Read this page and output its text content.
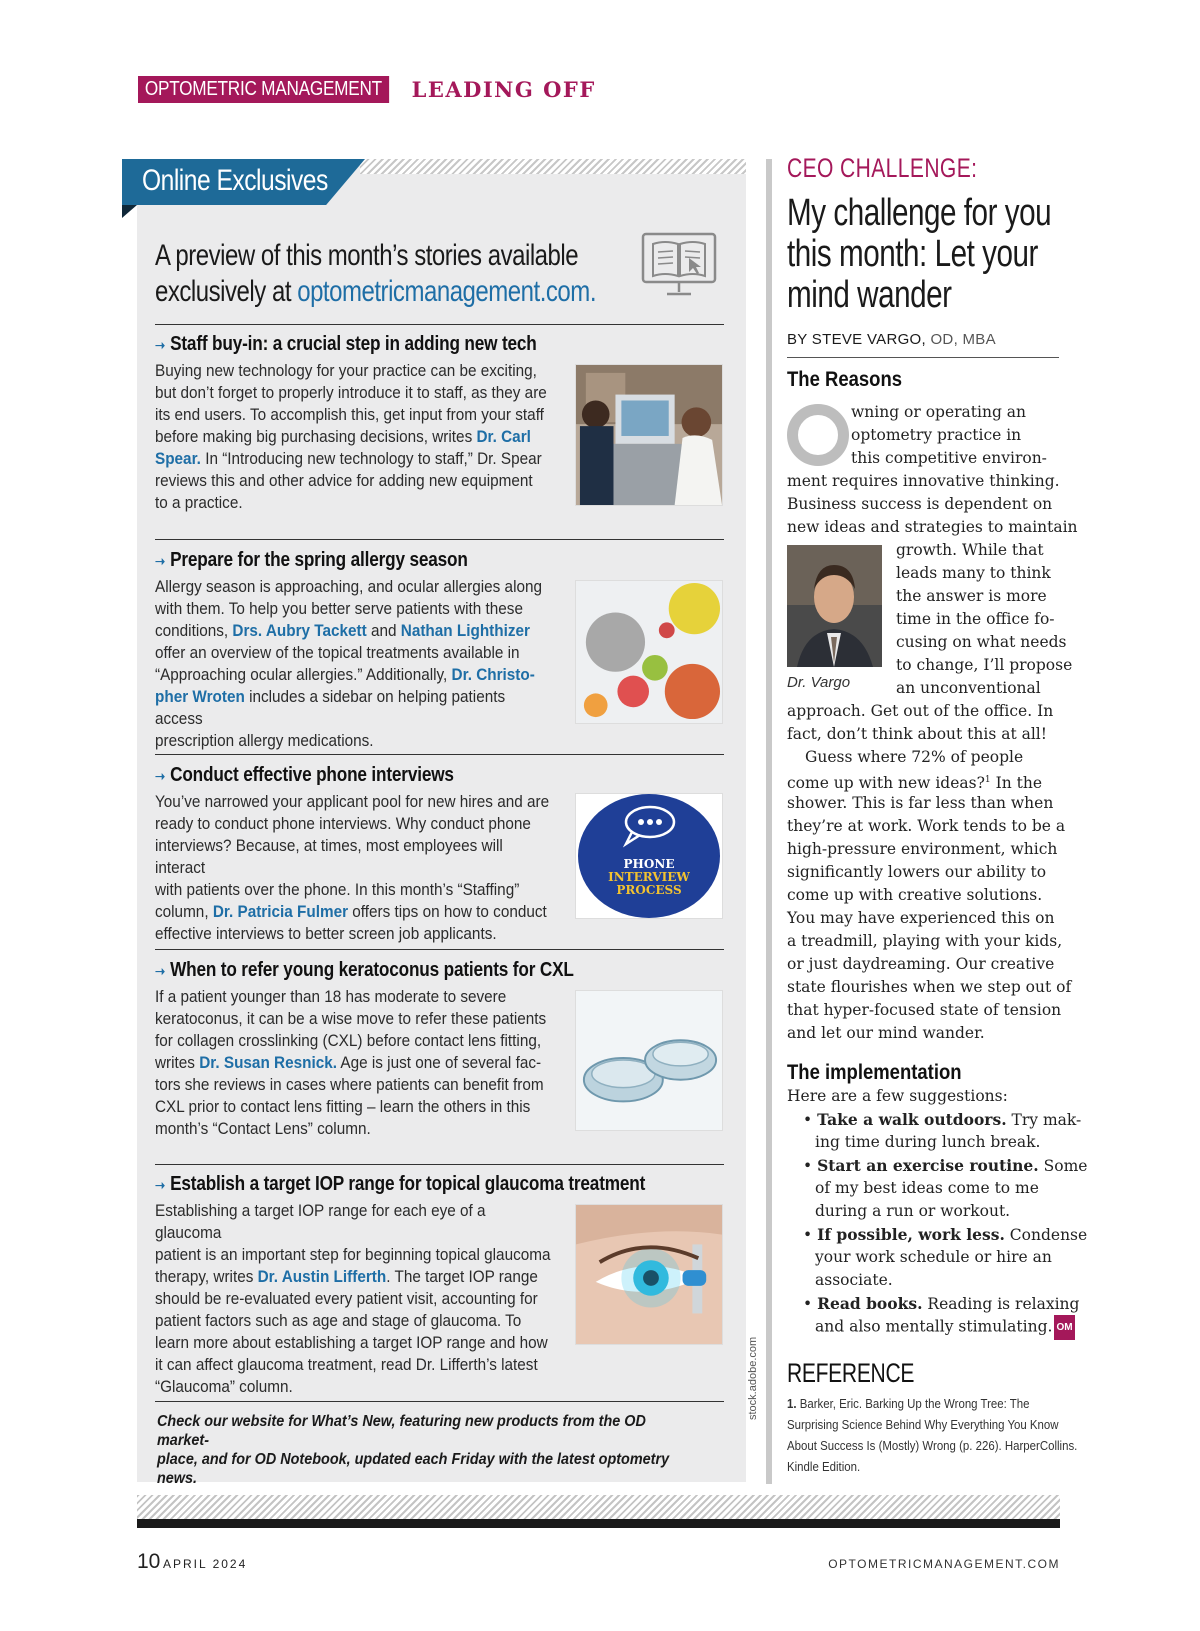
OPTOMETRIC MANAGEMENT	LEADING OFF
Online Exclusives
A preview of this month’s stories available
exclusively at optometricmanagement.com.
➝ Staff buy-in: a crucial step in adding new tech
Buying new technology for your practice can be exciting,
but don’t forget to properly introduce it to staff, as they are
its end users. To accomplish this, get input from your staff
before making big purchasing decisions, writes Dr. Carl
Spear. In “Introducing new technology to staff,” Dr. Spear
reviews this and other advice for adding new equipment
to a practice.
➝ Prepare for the spring allergy season
Allergy season is approaching, and ocular allergies along
with them. To help you better serve patients with these
conditions, Drs. Aubry Tackett and Nathan Lighthizer
offer an overview of the topical treatments available in
“Approaching ocular allergies.” Additionally, Dr. Christo-
pher Wroten includes a sidebar on helping patients access
prescription allergy medications.
➝ Conduct effective phone interviews
You’ve narrowed your applicant pool for new hires and are
ready to conduct phone interviews. Why conduct phone
interviews? Because, at times, most employees will interact
with patients over the phone. In this month’s “Staffing”
column, Dr. Patricia Fulmer offers tips on how to conduct
effective interviews to better screen job applicants.
PHONE
INTERVIEW
PROCESS
➝ When to refer young keratoconus patients for CXL
If a patient younger than 18 has moderate to severe
keratoconus, it can be a wise move to refer these patients
for collagen crosslinking (CXL) before contact lens fitting,
writes Dr. Susan Resnick. Age is just one of several fac-
tors she reviews in cases where patients can benefit from
CXL prior to contact lens fitting – learn the others in this
month’s “Contact Lens” column.
➝ Establish a target IOP range for topical glaucoma treatment
Establishing a target IOP range for each eye of a glaucoma
patient is an important step for beginning topical glaucoma
therapy, writes Dr. Austin Lifferth. The target IOP range
should be re-evaluated every patient visit, accounting for
patient factors such as age and stage of glaucoma. To
learn more about establishing a target IOP range and how
it can affect glaucoma treatment, read Dr. Lifferth’s latest
“Glaucoma” column.
Check our website for What’s New, featuring new products from the OD market-
place, and for OD Notebook, updated each Friday with the latest optometry news.
stock.adobe.com
CEO CHALLENGE:
My challenge for you
this month: Let your
mind wander
BY STEVE VARGO, OD, MBA
The Reasons
wning or operating an
optometry practice in
this competitive environ-
ment requires innovative thinking.
Business success is dependent on
new ideas and strategies to maintain
growth. While that
leads many to think
the answer is more
time in the office fo-
cusing on what needs
to change, I’ll propose
an unconventional
approach. Get out of the office. In
fact, don’t think about this at all!
Guess where 72% of people
come up with new ideas?$^1$ In the
shower. This is far less than when
they’re at work. Work tends to be a
high-pressure environment, which
significantly lowers our ability to
come up with creative solutions.
You may have experienced this on
a treadmill, playing with your kids,
or just daydreaming. Our creative
state flourishes when we step out of
that hyper-focused state of tension
and let our mind wander.
Dr. Vargo
The implementation
Here are a few suggestions:
• Take a walk outdoors. Try mak-
ing time during lunch break.
• Start an exercise routine. Some
of my best ideas come to me
during a run or workout.
• If possible, work less. Condense
your work schedule or hire an
associate.
• Read books. Reading is relaxing
and also mentally stimulating. OM
REFERENCE
1. Barker, Eric. Barking Up the Wrong Tree: The Surprising Science Behind Why Everything You Know About Success Is (Mostly) Wrong (p. 226). HarperCollins. Kindle Edition.
10 APRIL 2024	OPTOMETRICMANAGEMENT.COM
